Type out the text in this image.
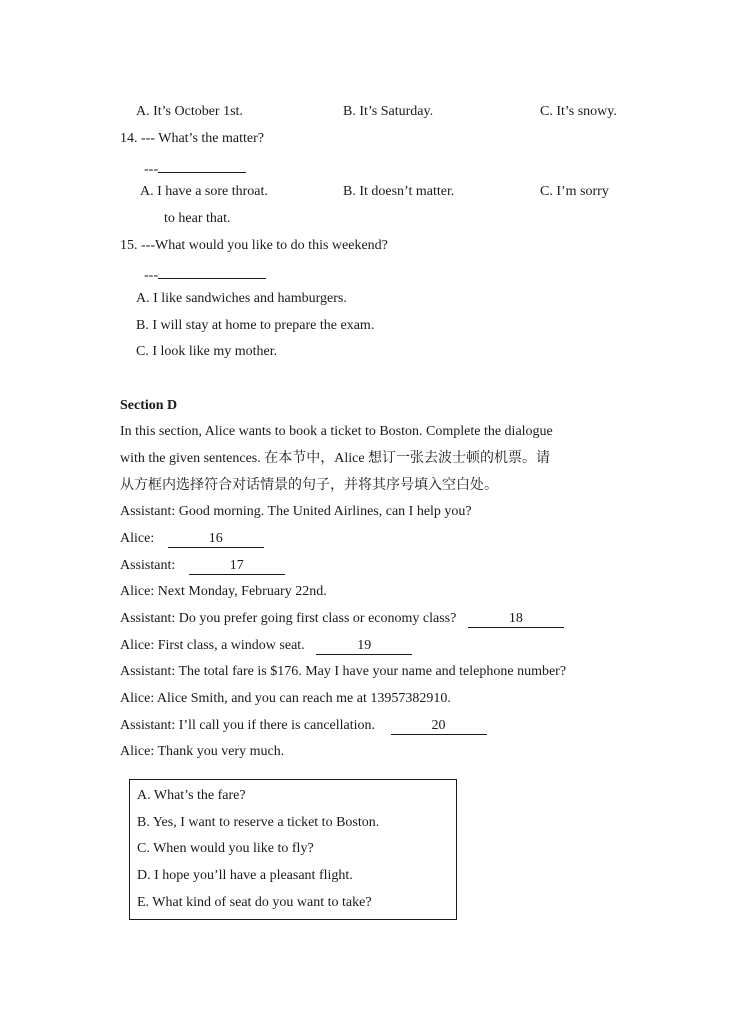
A. It’s October 1st.	B. It’s Saturday.	C. It’s snowy.
14. --- What’s the matter?
---
A. I have a sore throat.	B. It doesn’t matter.	C. I’m sorry
to hear that.
15. ---What would you like to do this weekend?
---
A. I like sandwiches and hamburgers.
B. I will stay at home to prepare the exam.
C. I look like my mother.
Section D
In this section, Alice wants to book a ticket to Boston. Complete the dialogue
with the given sentences. 在本节中，Alice 想订一张去波士顿的机票。请
从方框内选择符合对话情景的句子，并将其序号填入空白处。
Assistant: Good morning. The United Airlines, can I help you?
Alice:	16
Assistant:	17
Alice: Next Monday, February 22nd.
Assistant: Do you prefer going first class or economy class?	18
Alice: First class, a window seat.	19
Assistant: The total fare is $176. May I have your name and telephone number?
Alice: Alice Smith, and you can reach me at 13957382910.
Assistant: I’ll call you if there is cancellation.	20
Alice: Thank you very much.
A. What’s the fare?
B. Yes, I want to reserve a ticket to Boston.
C. When would you like to fly?
D. I hope you’ll have a pleasant flight.
E. What kind of seat do you want to take?
